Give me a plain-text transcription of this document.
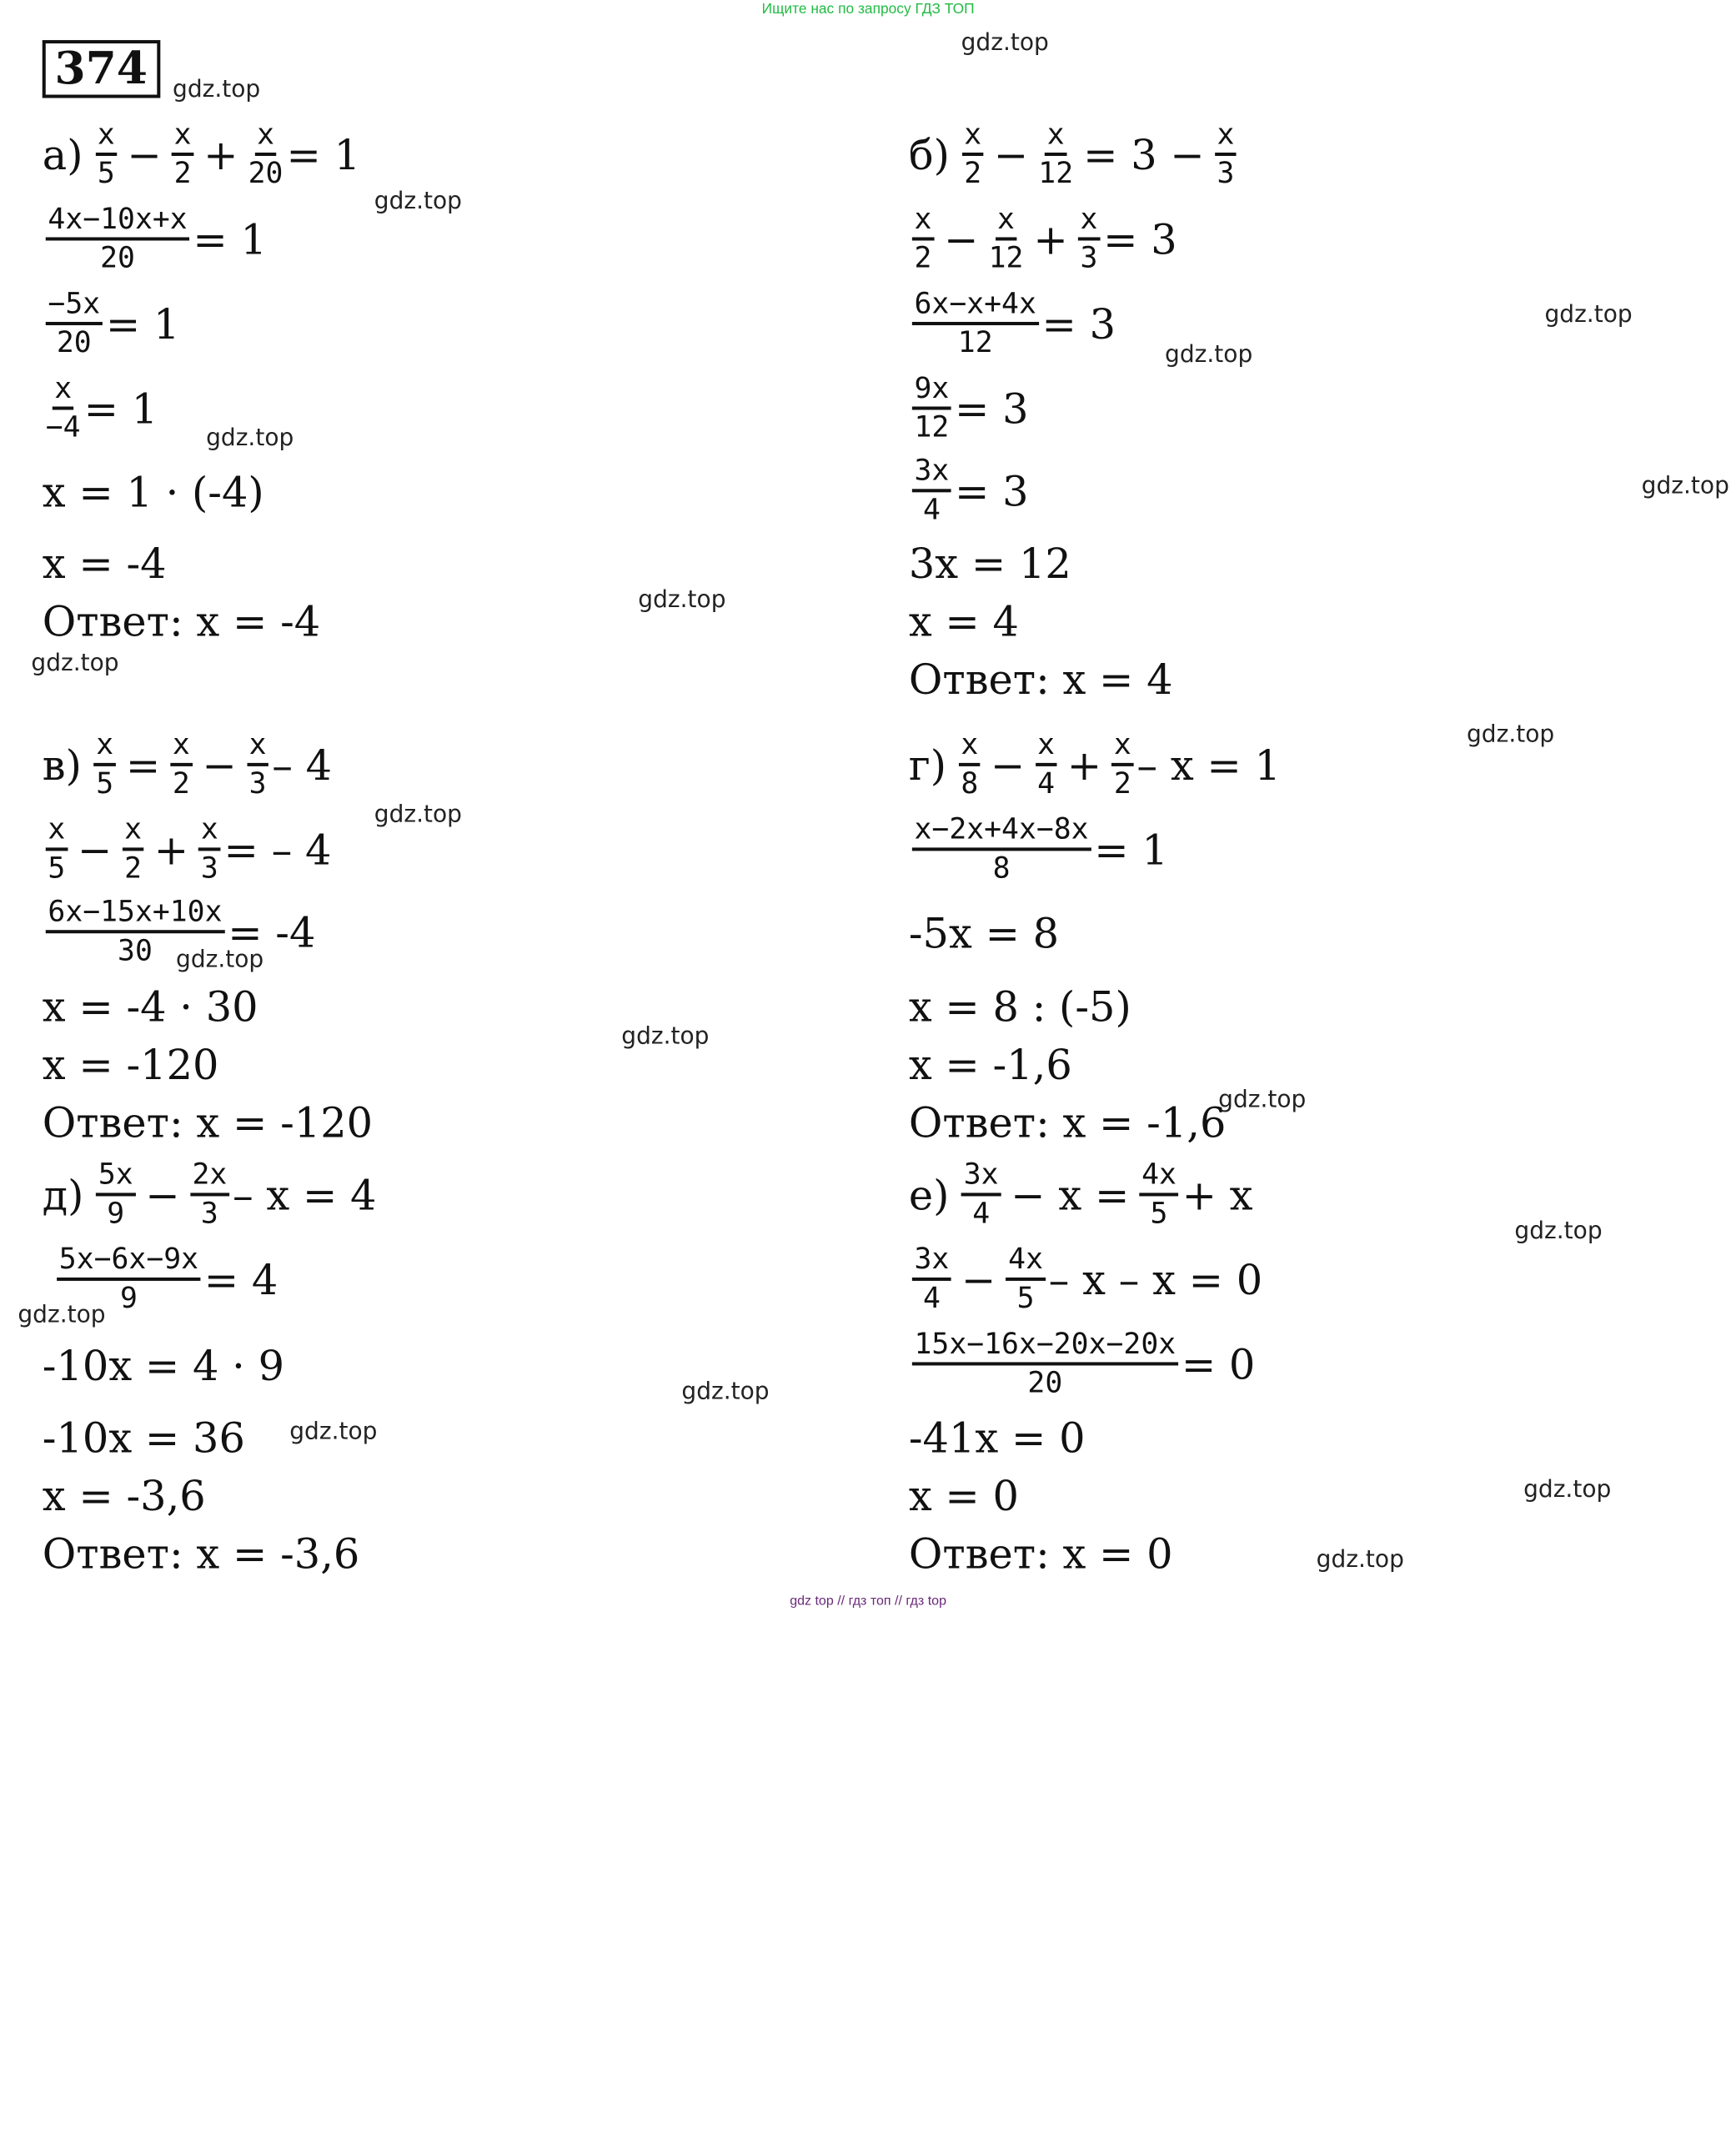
Ищите нас по запросу ГДЗ ТОП
374	gdz.top
gdz.top
gdz.top
gdz.top
gdz.top
gdz.top
gdz.top
gdz.top
gdz.top
gdz.top
gdz.top
gdz.top
gdz.top
gdz.top
gdz.top
gdz.top
gdz.top
gdz.top
gdz.top
gdz.top
$а) \frac{x}{5} - \frac{x}{2} + \frac{x}{20} = 1$
$\frac{4x-10x+x}{20} = 1$
$\frac{-5x}{20} = 1$
$\frac{x}{-4} = 1$
x = 1 · (-4)
x = -4
Ответ:
x = -4
$б) \frac{x}{2} - \frac{x}{12} = 3 - \frac{x}{3}$
$\frac{x}{2} - \frac{x}{12} + \frac{x}{3} = 3$
$\frac{6x-x+4x}{12} = 3$
$\frac{9x}{12} = 3$
$\frac{3x}{4} = 3$
3x = 12
x = 4
Ответ:
x = 4
$в) \frac{x}{5} = \frac{x}{2} - \frac{x}{3} - 4$
$\frac{x}{5} - \frac{x}{2} + \frac{x}{3}$ = – 4
$\frac{6x-15x+10x}{30} = -4$
x = -4 · 30
x = -120
Ответ:
x = -120
$г) \frac{x}{8} - \frac{x}{4} + \frac{x}{2} - x = 1$
$\frac{x-2x+4x-8x}{8} = 1$
-5x = 8
x = 8 : (-5)
x = -1,6
Ответ:
x = -1,6
$д) \frac{5x}{9} - \frac{2x}{3} - x = 4$
$\frac{5x-6x-9x}{9} = 4$
-10x = 4 · 9
-10x = 36
x = -3,6
Ответ:
x = -3,6
$е) \frac{3x}{4} - x = \frac{4x}{5} + x$
$\frac{3x}{4} - \frac{4x}{5} - x - x = 0$
$\frac{15x-16x-20x-20x}{20} = 0$
-41x = 0
x = 0
Ответ:
x = 0
gdz top // гдз топ // гдз top
